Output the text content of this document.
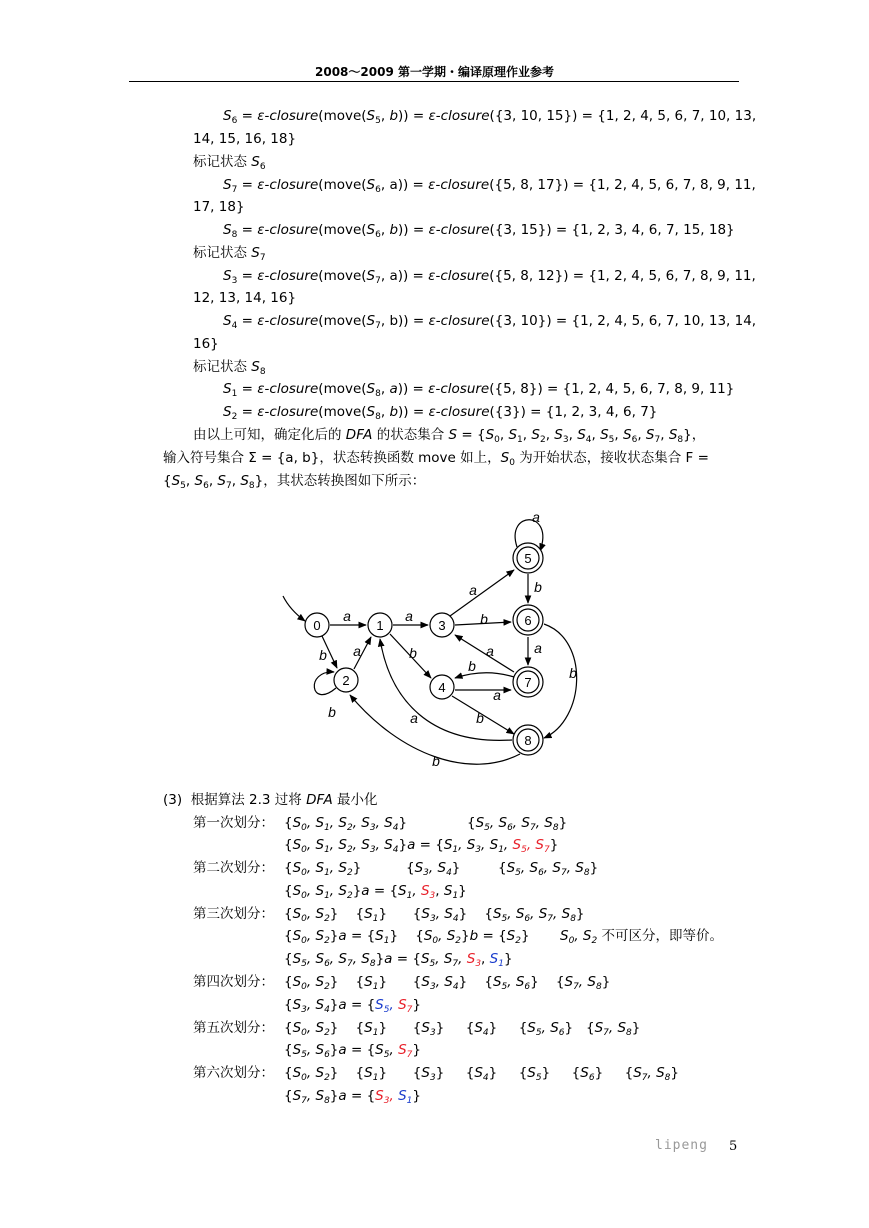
2008～2009 第一学期・编译原理作业参考
$S_6$ = $\varepsilon-closure(move(S_5$, b)) = ε-closure({3, 10, 15}) = {1, 2, 4, 5, 6, 7, 10, 13,
14, 15, 16, 18}
标记状态 $S_6$
$S_7$ = $\varepsilon-closure(move(S_6$, a)) = ε-closure({5, 8, 17}) = {1, 2, 4, 5, 6, 7, 8, 9, 11,
17, 18}
$S_8$ = $\varepsilon-closure(move(S_6$, b)) = ε-closure({3, 15}) = {1, 2, 3, 4, 6, 7, 15, 18}
标记状态 $S_7$
$S_3$ = $\varepsilon-closure(move(S_7$, a)) = ε-closure({5, 8, 12}) = {1, 2, 4, 5, 6, 7, 8, 9, 11,
12, 13, 14, 16}
$S_4$ = $\varepsilon-closure(move(S_7$, b)) = ε-closure({3, 10}) = {1, 2, 4, 5, 6, 7, 10, 13, 14,
16}
标记状态 $S_8$
$S_1$ = $\varepsilon-closure(move(S_8$, a)) = ε-closure({5, 8}) = {1, 2, 4, 5, 6, 7, 8, 9, 11}
$S_2$ = $\varepsilon-closure(move(S_8$, b)) = ε-closure({3}) = {1, 2, 3, 4, 6, 7}
由以上可知，确定化后的 DFA 的状态集合 $S = \{S_0$, $S_1$, $S_2$, $S_3$, $S_4$, $S_5$, $S_6$, $S_7$, $S_8$}，
输入符号集合 Σ = {a, b}，状态转换函数 move 如上，$S_0$ 为开始状态，接收状态集合 F =
{$S_5$, $S_6$, $S_7$, $S_8$}，其状态转换图如下所示：
0	1
2
3
4
5
6
7
8
a
b
a
b
a
b
a
b
a
b
a
b
a
b
a
b
a
b
(3) 根据算法 2.3 过将 DFA 最小化
第一次划分： {$S_0$, $S_1$, $S_2$, $S_3$, $S_4$}	{$S_5$, $S_6$, $S_7$, $S_8$}
{$S_0$, $S_1$, $S_2$, $S_3$, $S_4\}a = \{S_1$, $S_3$, $S_1$, $S_5$, $S_7$}
第二次划分： {$S_0$, $S_1$, $S_2$}	{$S_3$, $S_4$}	{$S_5$, $S_6$, $S_7$, $S_8$}
{$S_0$, $S_1$, $S_2\}a = \{S_1$, $S_3$, $S_1$}
第三次划分： {$S_0$, $S_2$}    $\{S_1\}$      {$S_3$, $S_4$}    {$S_5$, $S_6$, $S_7$, $S_8$}
{$S_0$, $S_2\}a = \{S_1\}$    {$S_0$, $S_2\}b = \{S_2\}$ $S_0$, $S_2$ 不可区分，即等价。
{$S_5$, $S_6$, $S_7$, $S_8\}a = \{S_5$, $S_7$, $S_3$, $S_1$}
第四次划分： {$S_0$, $S_2$}    $\{S_1\}$      {$S_3$, $S_4$}    {$S_5$, $S_6$}    {$S_7$, $S_8$}
{$S_3$, $S_4\}a = \{S_5$, $S_7$}
第五次划分： {$S_0$, $S_2$}    $\{S_1\}$      $\{S_3\}$     $\{S_4\}$     {$S_5$, $S_6$}   {$S_7$, $S_8$}
{$S_5$, $S_6\}a = \{S_5$, $S_7$}
第六次划分： {$S_0$, $S_2$}    $\{S_1\}$      $\{S_3\}$     $\{S_4\}$     $\{S_5\}$     $\{S_6\}$     {$S_7$, $S_8$}
{$S_7$, $S_8\}a = \{S_3$, $S_1$}
lipeng 5
